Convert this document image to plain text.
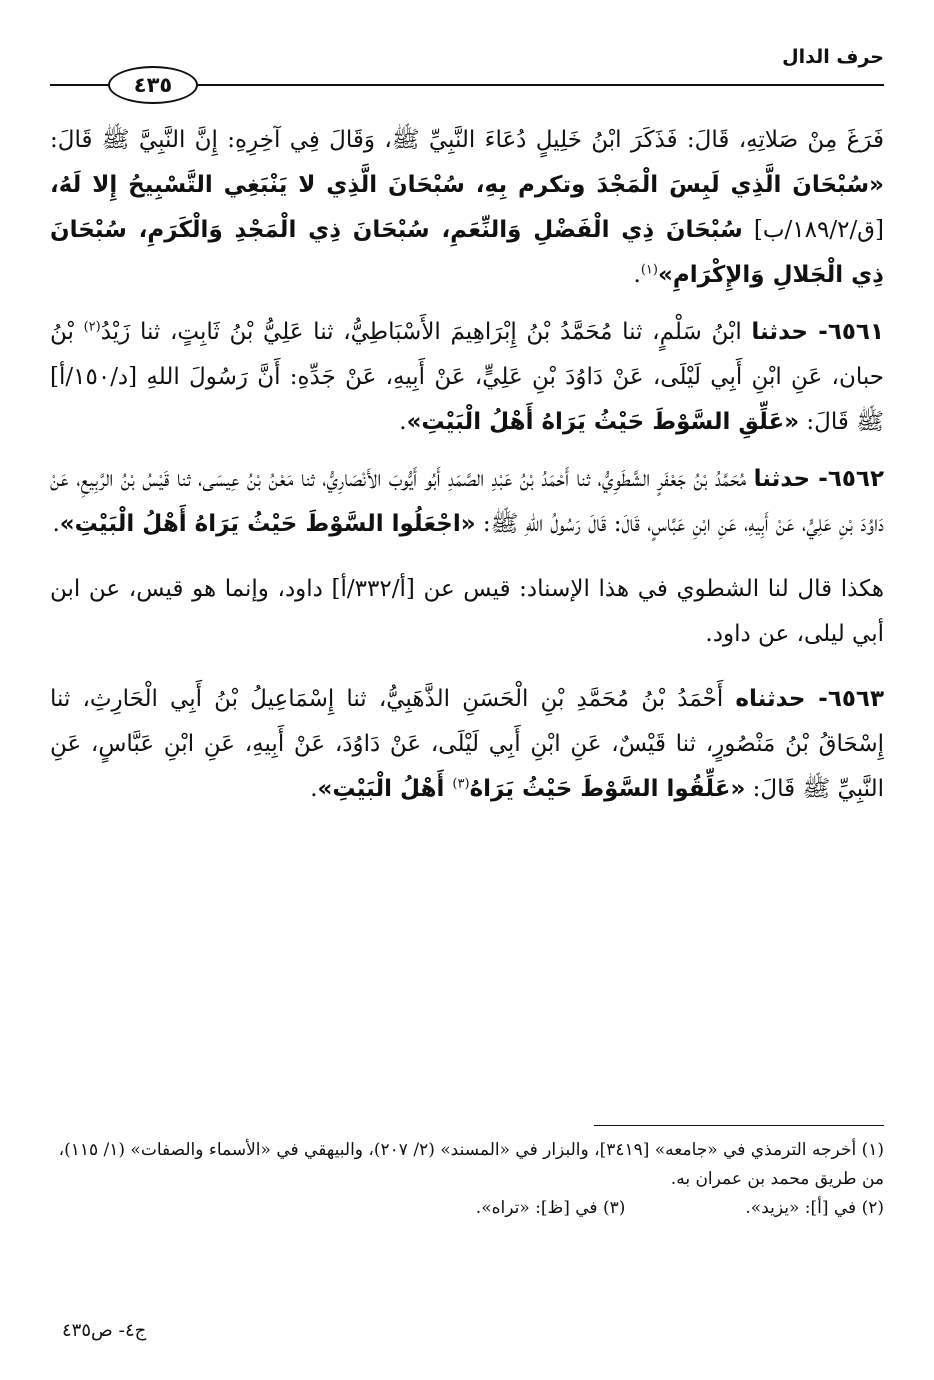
حرف الدال
٤٣٥

فَرَغَ مِنْ صَلاتِهِ، قَالَ: فَذَكَرَ ابْنُ خَلِيلٍ دُعَاءَ النَّبِيِّ ﷺ، وَقَالَ فِي آخِرِهِ: إِنَّ النَّبِيَّ ﷺ قَالَ: «سُبْحَانَ الَّذِي لَبِسَ الْمَجْدَ وتكرم بِهِ، سُبْحَانَ الَّذِي لا يَنْبَغِي التَّسْبِيحُ إِلا لَهُ، [ق/١٨٩/٢/ب] سُبْحَانَ ذِي الْفَضْلِ وَالنِّعَمِ، سُبْحَانَ ذِي الْمَجْدِ وَالْكَرَمِ، سُبْحَانَ ذِي الْجَلالِ وَالإِكْرَامِ»$^{(١)}$.

٦٥٦١- حدثنا ابْنُ سَلْمٍ، ثنا مُحَمَّدُ بْنُ إِبْرَاهِيمَ الأَسْبَاطِيُّ، ثنا عَلِيُّ بْنُ ثَابِتٍ، ثنا زَيْدُ$^{(٢)}$ بْنُ حبان، عَنِ ابْنِ أَبِي لَيْلَى، عَنْ دَاوُدَ بْنِ عَلِيٍّ، عَنْ أَبِيهِ، عَنْ جَدِّهِ: أَنَّ رَسُولَ اللهِ [د/١٥٠/أ] ﷺ قَالَ: «عَلِّقِ السَّوْطَ حَيْثُ يَرَاهُ أَهْلُ الْبَيْتِ».

٦٥٦٢- حدثنا مُحَمَّدُ بْنُ جَعْفَرٍ الشَّطَوِيُّ، ثنا أَحْمَدُ بْنُ عَبْدِ الصَّمَدِ أَبُو أَيُّوبَ الأَنْصَارِيُّ، ثنا مَعْنُ بْنُ عِيسَى، ثنا قَيْسُ بْنُ الرَّبِيعِ، عَنْ دَاوُدَ بْنِ عَلِيٍّ، عَنْ أَبِيهِ، عَنِ ابْنِ عَبَّاسٍ، قَالَ: قَالَ رَسُولُ اللهِ ﷺ: «اجْعَلُوا السَّوْطَ حَيْثُ يَرَاهُ أَهْلُ الْبَيْتِ».

هكذا قال لنا الشطوي في هذا الإسناد: قيس عن [أ/٣٣٢/أ] داود، وإنما هو قيس، عن ابن أبي ليلى، عن داود.

٦٥٦٣- حدثناه أَحْمَدُ بْنُ مُحَمَّدِ بْنِ الْحَسَنِ الذَّهَبِيُّ، ثنا إِسْمَاعِيلُ بْنُ أَبِي الْحَارِثِ، ثنا إِسْحَاقُ بْنُ مَنْصُورٍ، ثنا قَيْسٌ، عَنِ ابْنِ أَبِي لَيْلَى، عَنْ دَاوُدَ، عَنْ أَبِيهِ، عَنِ ابْنِ عَبَّاسٍ، عَنِ النَّبِيِّ ﷺ قَالَ: «عَلِّقُوا السَّوْطَ حَيْثُ يَرَاهُ$^{(٣)}$ أَهْلُ الْبَيْتِ».

(١) أخرجه الترمذي في «جامعه» [٣٤١٩]، والبزار في «المسند» (٢/ ٢٠٧)، والبيهقي في «الأسماء والصفات» (١/ ١١٥)، من طريق محمد بن عمران به.

(٢) في [أ]: «يزيد».
(٣) في [ظ]: «تراه».

ج٤- ص٤٣٥
